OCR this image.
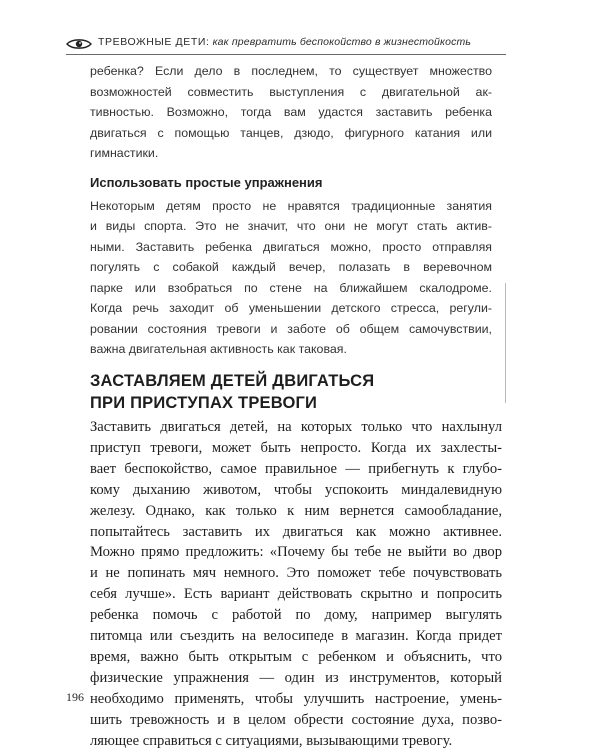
ТРЕВОЖНЫЕ ДЕТИ: как превратить беспокойство в жизнестойкость

ребенка? Если дело в последнем, то существует множество
возможностей совместить выступления с двигательной ак-
тивностью. Возможно, тогда вам удастся заставить ребенка
двигаться с помощью танцев, дзюдо, фигурного катания или
гимнастики.

Использовать простые упражнения

Некоторым детям просто не нравятся традиционные занятия
и виды спорта. Это не значит, что они не могут стать актив-
ными. Заставить ребенка двигаться можно, просто отправляя
погулять с собакой каждый вечер, полазать в веревочном
парке или взобраться по стене на ближайшем скалодроме.
Когда речь заходит об уменьшении детского стресса, регули-
ровании состояния тревоги и заботе об общем самочувствии,
важна двигательная активность как таковая.

ЗАСТАВЛЯЕМ ДЕТЕЙ ДВИГАТЬСЯ
ПРИ ПРИСТУПАХ ТРЕВОГИ
Заставить двигаться детей, на которых только что нахлынул
приступ тревоги, может быть непросто. Когда их захлесты-
вает беспокойство, самое правильное — прибегнуть к глубо-
кому дыханию животом, чтобы успокоить миндалевидную
железу. Однако, как только к ним вернется самообладание,
попытайтесь заставить их двигаться как можно активнее.
Можно прямо предложить: «Почему бы тебе не выйти во двор
и не попинать мяч немного. Это поможет тебе почувствовать
себя лучше». Есть вариант действовать скрытно и попросить
ребенка помочь с работой по дому, например выгулять
питомца или съездить на велосипеде в магазин. Когда придет
время, важно быть открытым с ребенком и объяснить, что
физические упражнения — один из инструментов, который
необходимо применять, чтобы улучшить настроение, умень-
шить тревожность и в целом обрести состояние духа, позво-
ляющее справиться с ситуациями, вызывающими тревогу.
196
